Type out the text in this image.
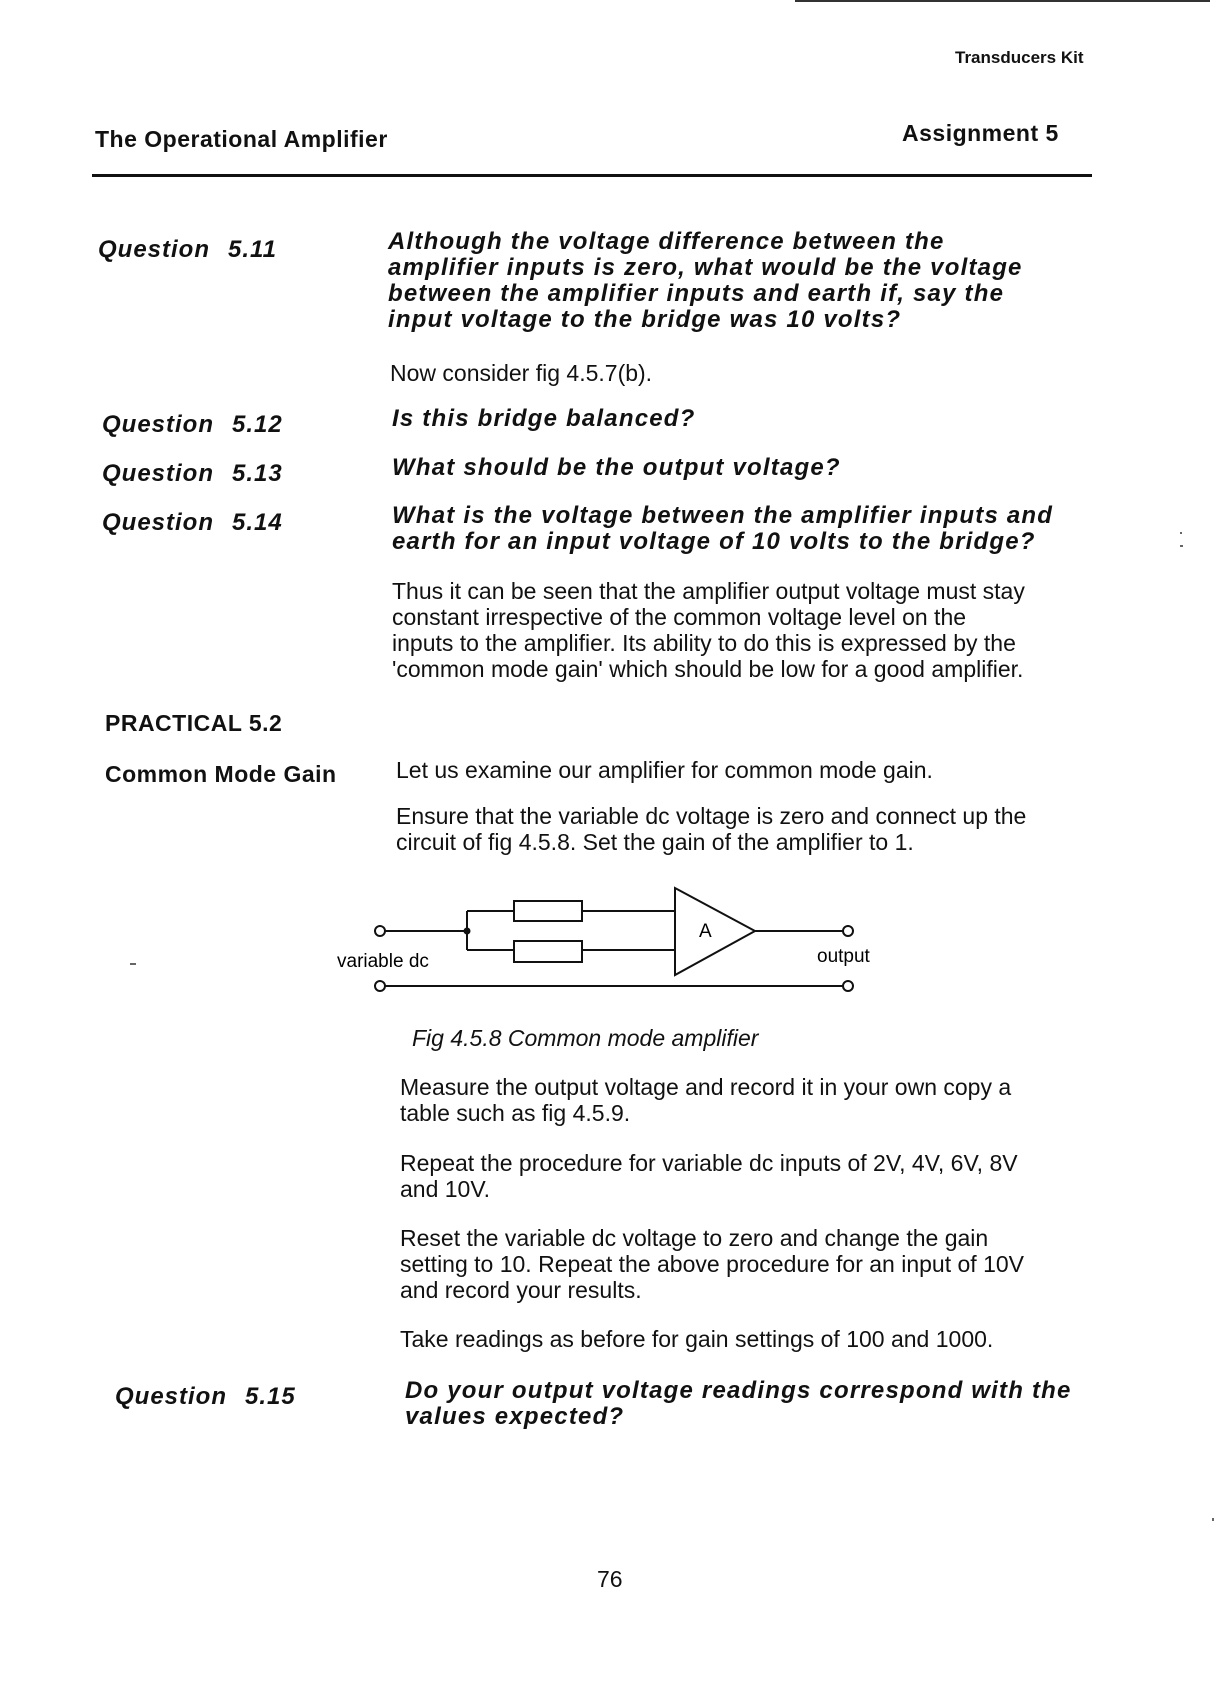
Transducers Kit
The Operational Amplifier	Assignment 5
Question 5.11	Although the voltage difference between the
amplifier inputs is zero, what would be the voltage
between the amplifier inputs and earth if, say the
input voltage to the bridge was 10 volts?
Now consider fig 4.5.7(b).
Question 5.12	Is this bridge balanced?
Question 5.13	What should be the output voltage?
Question 5.14	What is the voltage between the amplifier inputs and
earth for an input voltage of 10 volts to the bridge?
Thus it can be seen that the amplifier output voltage must stay
constant irrespective of the common voltage level on the
inputs to the amplifier. Its ability to do this is expressed by the
'common mode gain' which should be low for a good amplifier.
PRACTICAL 5.2
Common Mode Gain	Let us examine our amplifier for common mode gain.
Ensure that the variable dc voltage is zero and connect up the
circuit of fig 4.5.8. Set the gain of the amplifier to 1.
A
variable dc	output
Fig 4.5.8 Common mode amplifier
Measure the output voltage and record it in your own copy a
table such as fig 4.5.9.
Repeat the procedure for variable dc inputs of 2V, 4V, 6V, 8V
and 10V.
Reset the variable dc voltage to zero and change the gain
setting to 10. Repeat the above procedure for an input of 10V
and record your results.
Take readings as before for gain settings of 100 and 1000.
Question 5.15	Do your output voltage readings correspond with the
values expected?
76
